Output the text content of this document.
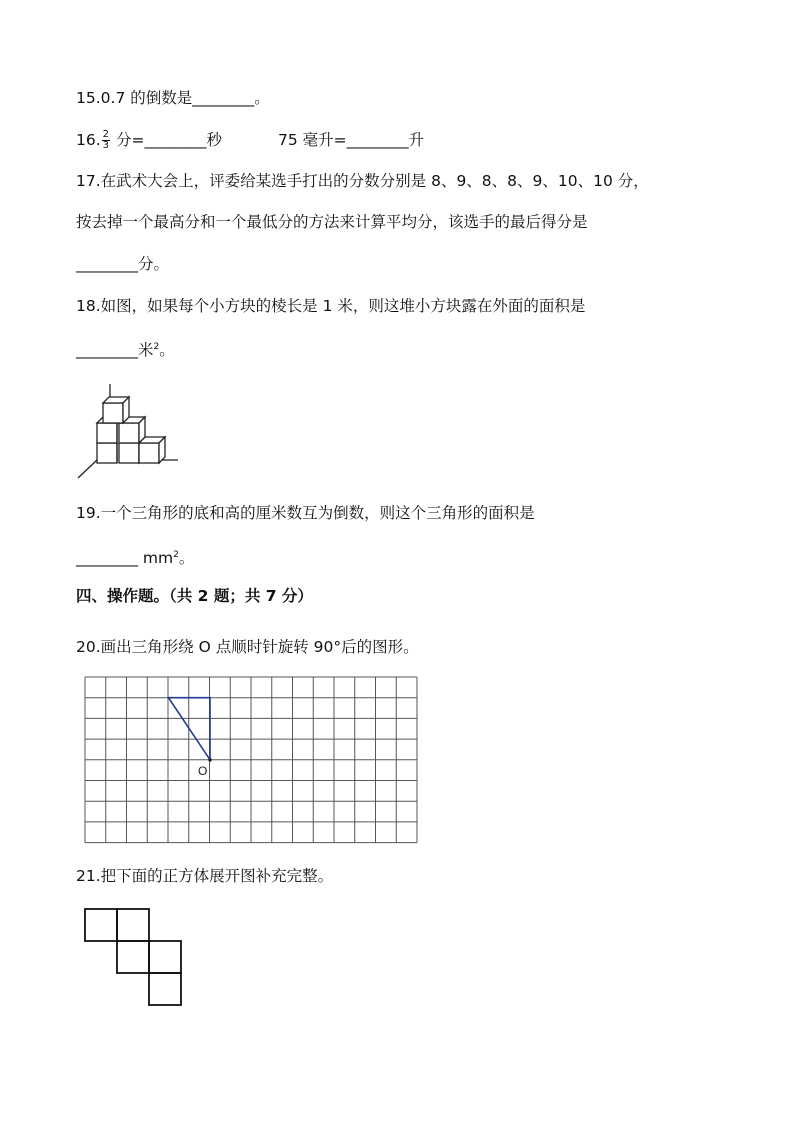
15.0.7 的倒数是________。
16. $\frac{2}{3}$ 分=________秒	75 毫升=________升
17.在武术大会上，评委给某选手打出的分数分别是 8、9、8、8、9、10、10 分，
按去掉一个最高分和一个最低分的方法来计算平均分，该选手的最后得分是
________分。
18.如图，如果每个小方块的棱长是 1 米，则这堆小方块露在外面的面积是
________米$^2$。
19.一个三角形的底和高的厘米数互为倒数，则这个三角形的面积是
________ $mm^2$。
四、操作题。（共 2 题；共 7 分）
20.画出三角形绕 O 点顺时针旋转 90°后的图形。
O
21.把下面的正方体展开图补充完整。
